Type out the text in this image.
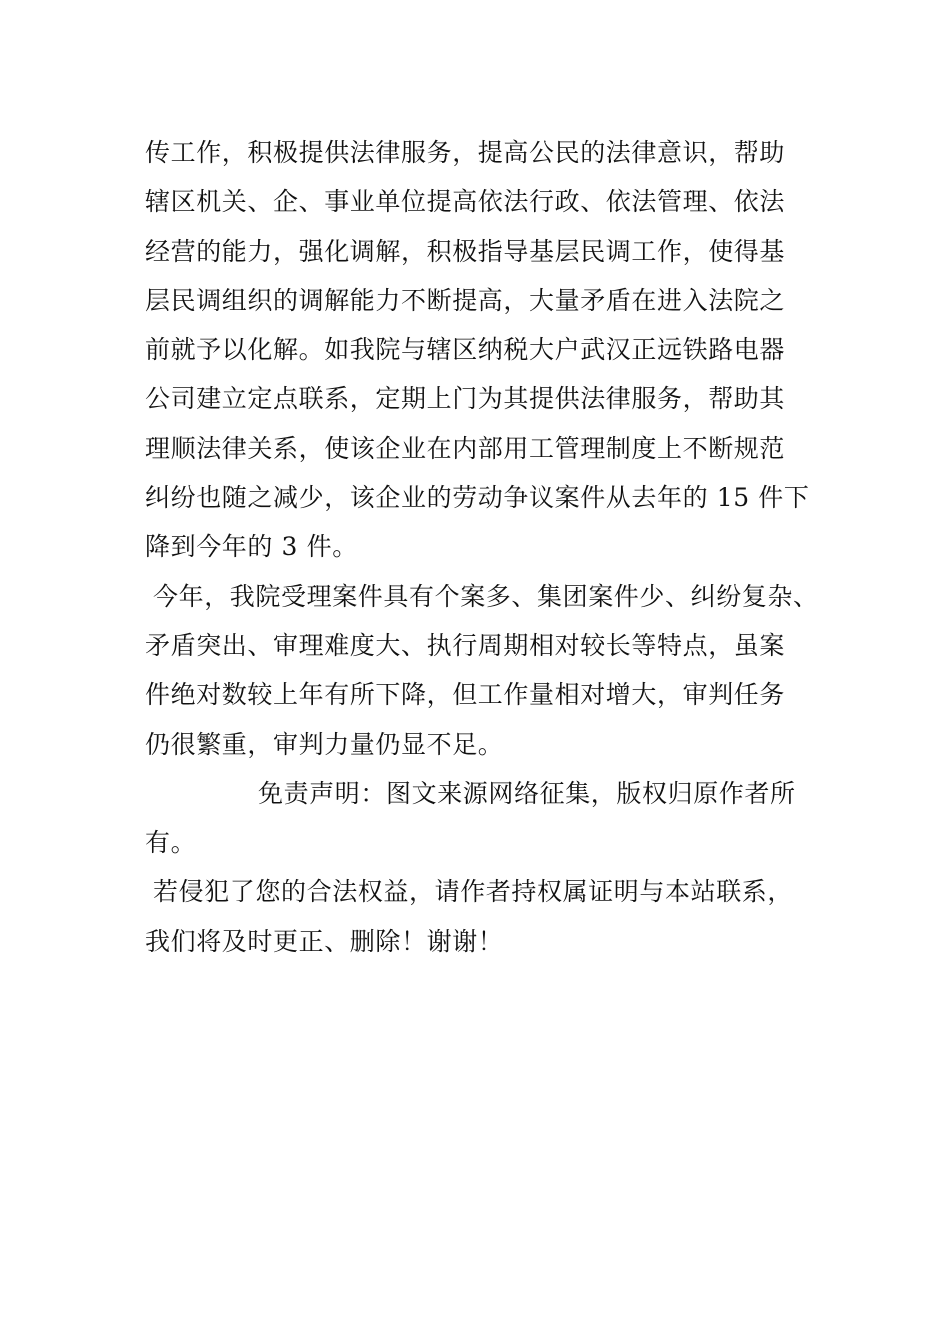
传工作，积极提供法律服务，提高公民的法律意识，帮助
辖区机关、企、事业单位提高依法行政、依法管理、依法
经营的能力，强化调解，积极指导基层民调工作，使得基
层民调组织的调解能力不断提高，大量矛盾在进入法院之
前就予以化解。如我院与辖区纳税大户武汉正远铁路电器
公司建立定点联系，定期上门为其提供法律服务，帮助其
理顺法律关系，使该企业在内部用工管理制度上不断规范
纠纷也随之减少，该企业的劳动争议案件从去年的 15 件下
降到今年的 3 件。
今年，我院受理案件具有个案多、集团案件少、纠纷复杂、
矛盾突出、审理难度大、执行周期相对较长等特点，虽案
件绝对数较上年有所下降，但工作量相对增大，审判任务
仍很繁重，审判力量仍显不足。
免责声明：图文来源网络征集，版权归原作者所
有。
若侵犯了您的合法权益，请作者持权属证明与本站联系，
我们将及时更正、删除！谢谢！
